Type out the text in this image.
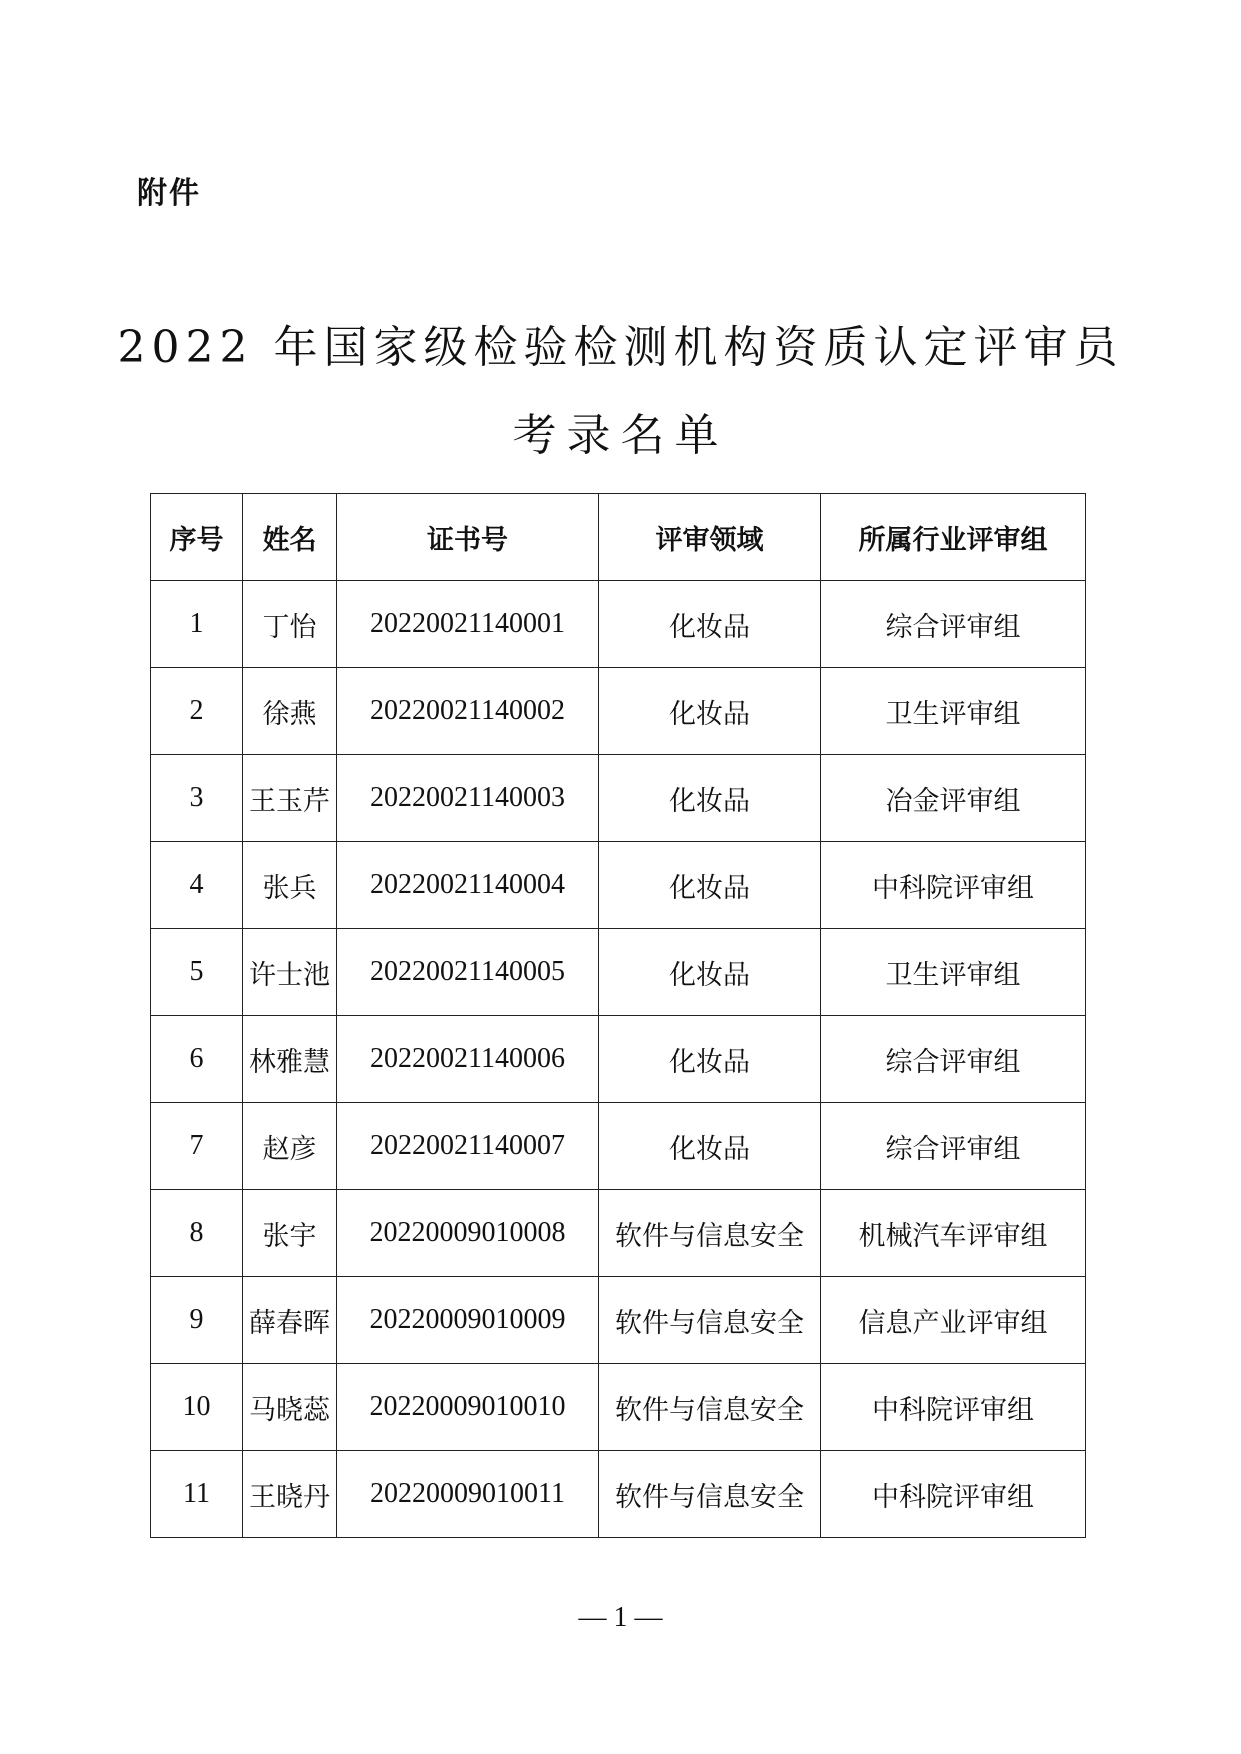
附件
2022 年国家级检验检测机构资质认定评审员
考录名单
序号	姓名	证书号	评审领域	所属行业评审组
1	丁怡	20220021140001	化妆品	综合评审组
2	徐燕	20220021140002	化妆品	卫生评审组
3	王玉芹	20220021140003	化妆品	冶金评审组
4	张兵	20220021140004	化妆品	中科院评审组
5	许士池	20220021140005	化妆品	卫生评审组
6	林雅慧	20220021140006	化妆品	综合评审组
7	赵彦	20220021140007	化妆品	综合评审组
8	张宇	20220009010008	软件与信息安全	机械汽车评审组
9	薛春晖	20220009010009	软件与信息安全	信息产业评审组
10	马晓蕊	20220009010010	软件与信息安全	中科院评审组
11	王晓丹	20220009010011	软件与信息安全	中科院评审组
— 1 —
